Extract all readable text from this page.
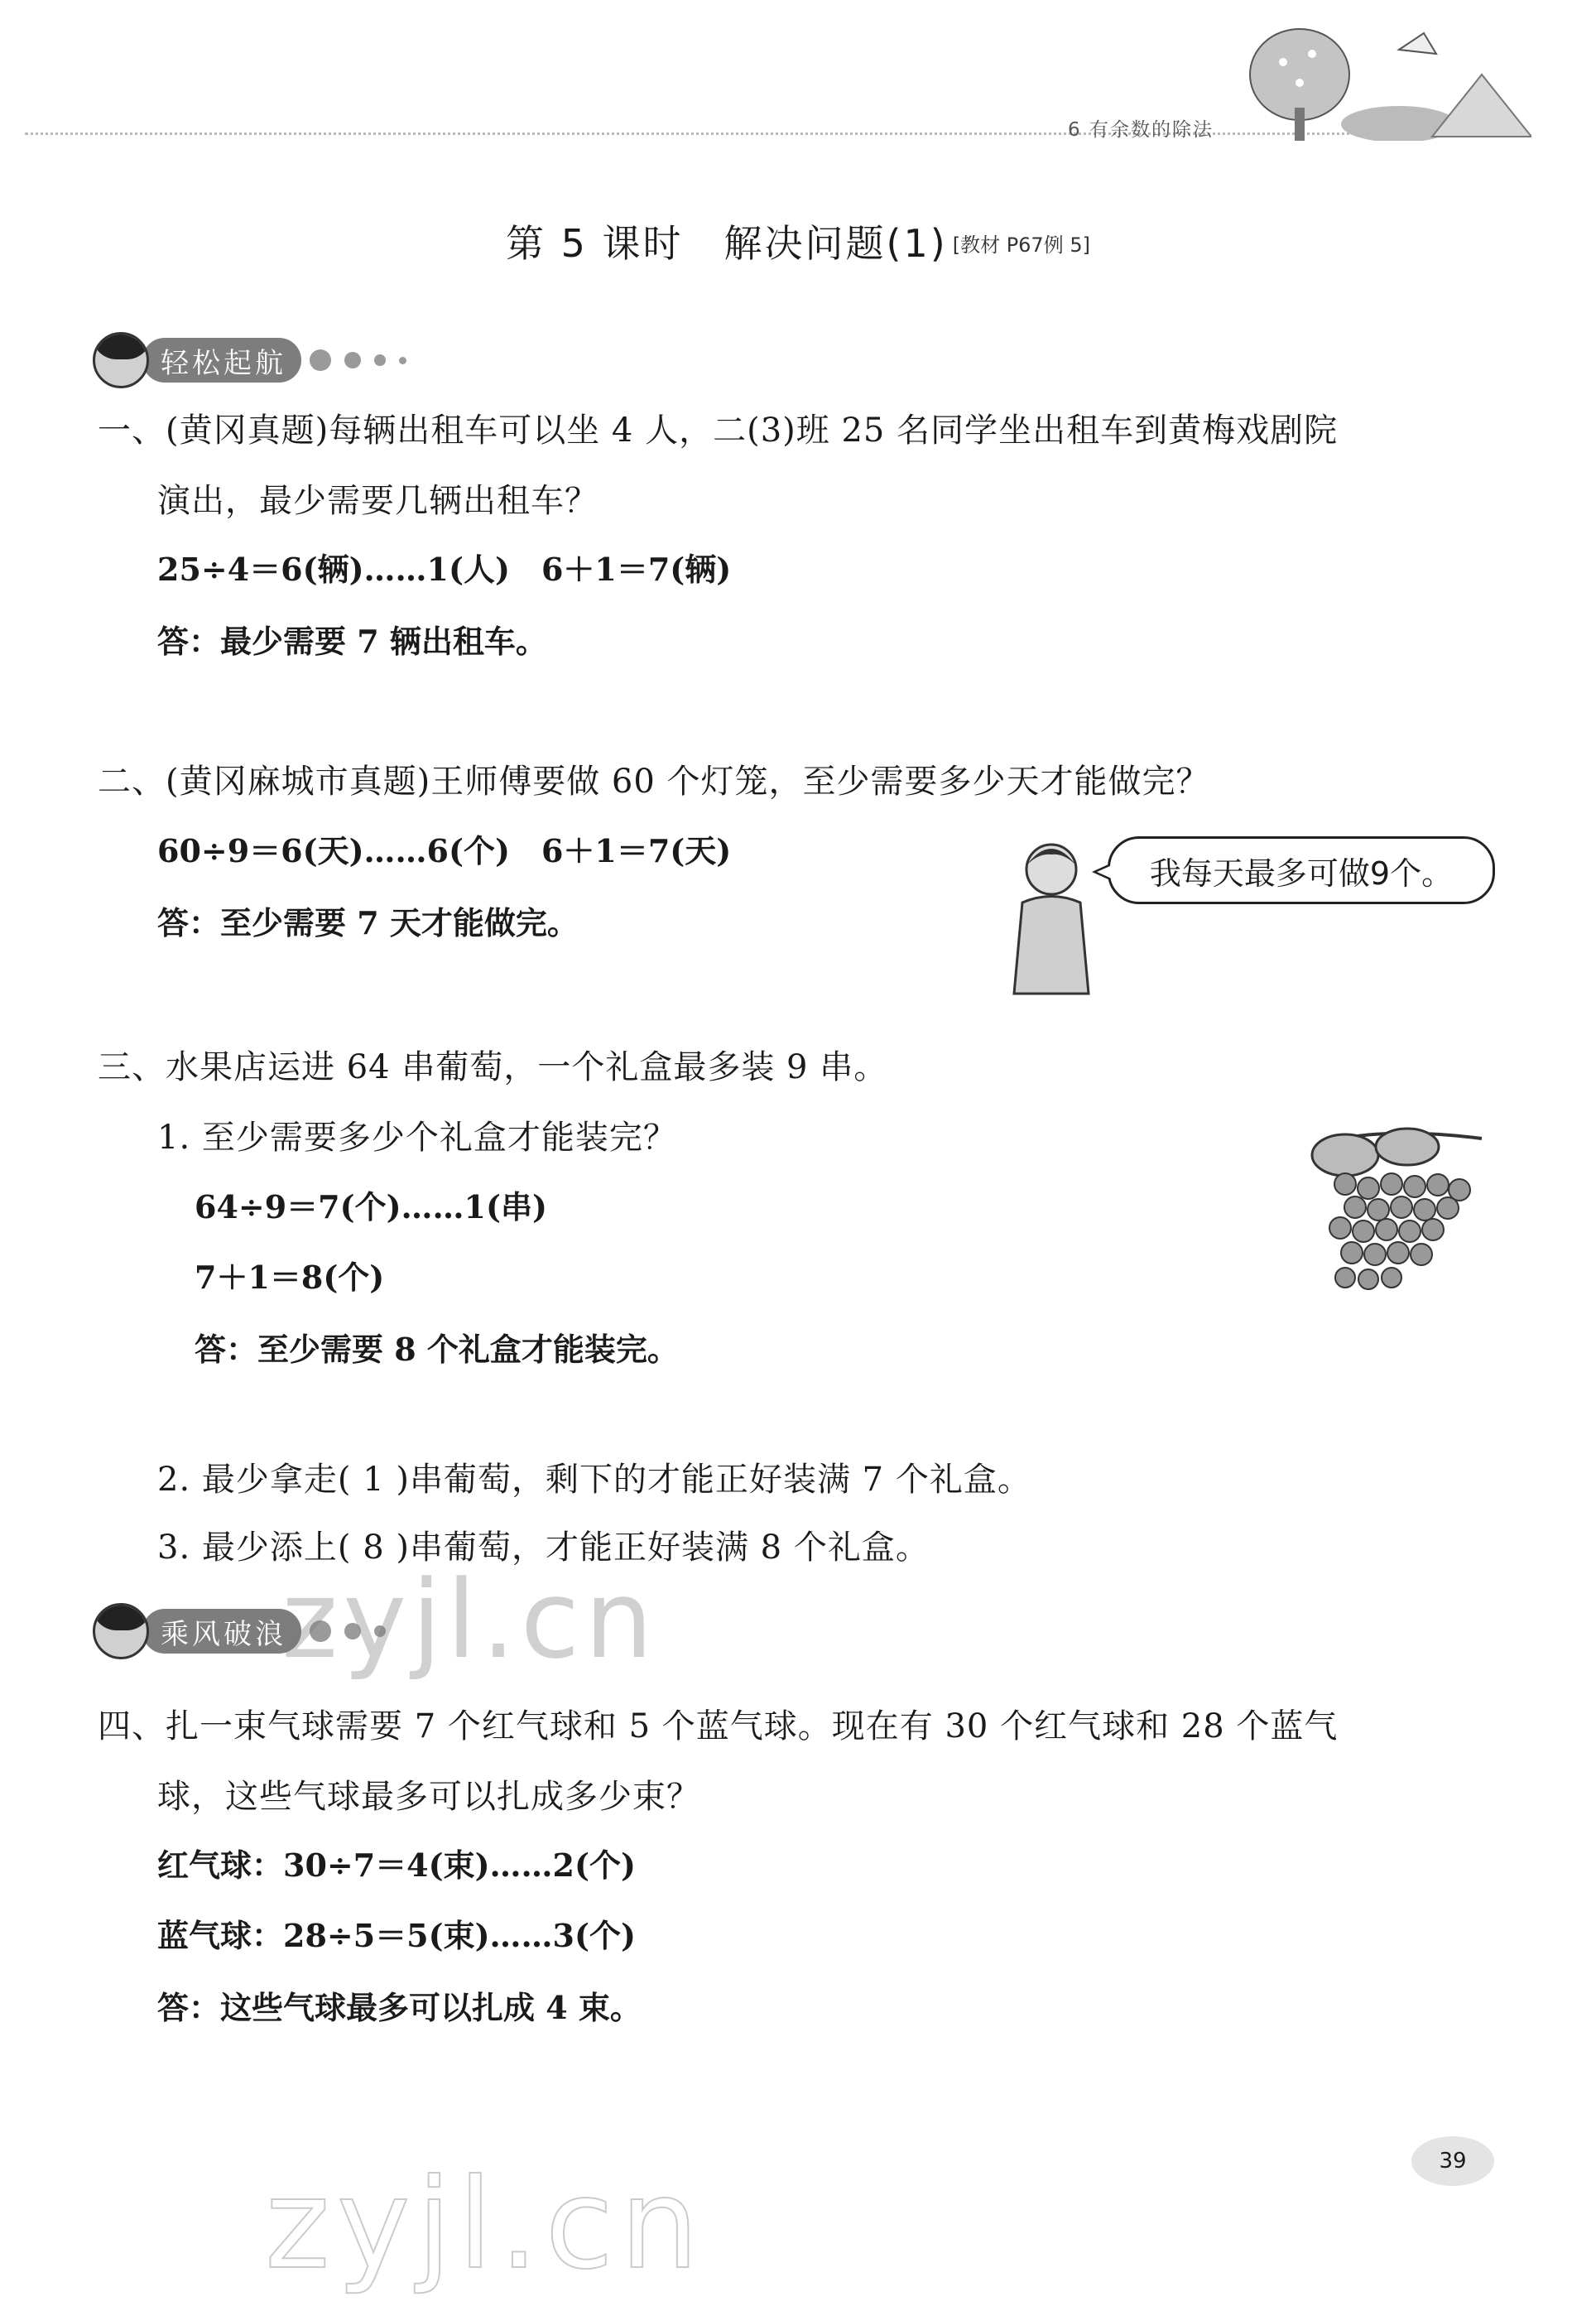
6 有余数的除法
第 5 课时　解决问题(1) [教材 P67例 5]
轻松起航
一、(黄冈真题)每辆出租车可以坐 4 人，二(3)班 25 名同学坐出租车到黄梅戏剧院
演出，最少需要几辆出租车？
25÷4＝6(辆)……1(人)　6＋1＝7(辆)
答：最少需要 7 辆出租车。
二、(黄冈麻城市真题)王师傅要做 60 个灯笼，至少需要多少天才能做完？
60÷9＝6(天)……6(个)　6＋1＝7(天)
答：至少需要 7 天才能做完。
我每天最多可做9个。
三、水果店运进 64 串葡萄，一个礼盒最多装 9 串。
1. 至少需要多少个礼盒才能装完？
64÷9＝7(个)……1(串)
7＋1＝8(个)
答：至少需要 8 个礼盒才能装完。
2. 最少拿走( 1 )串葡萄，剩下的才能正好装满 7 个礼盒。
3. 最少添上( 8 )串葡萄，才能正好装满 8 个礼盒。
乘风破浪
zyjl.cn
四、扎一束气球需要 7 个红气球和 5 个蓝气球。现在有 30 个红气球和 28 个蓝气
球，这些气球最多可以扎成多少束？
红气球：30÷7＝4(束)……2(个)
蓝气球：28÷5＝5(束)……3(个)
答：这些气球最多可以扎成 4 束。
39
zyjl.cn
